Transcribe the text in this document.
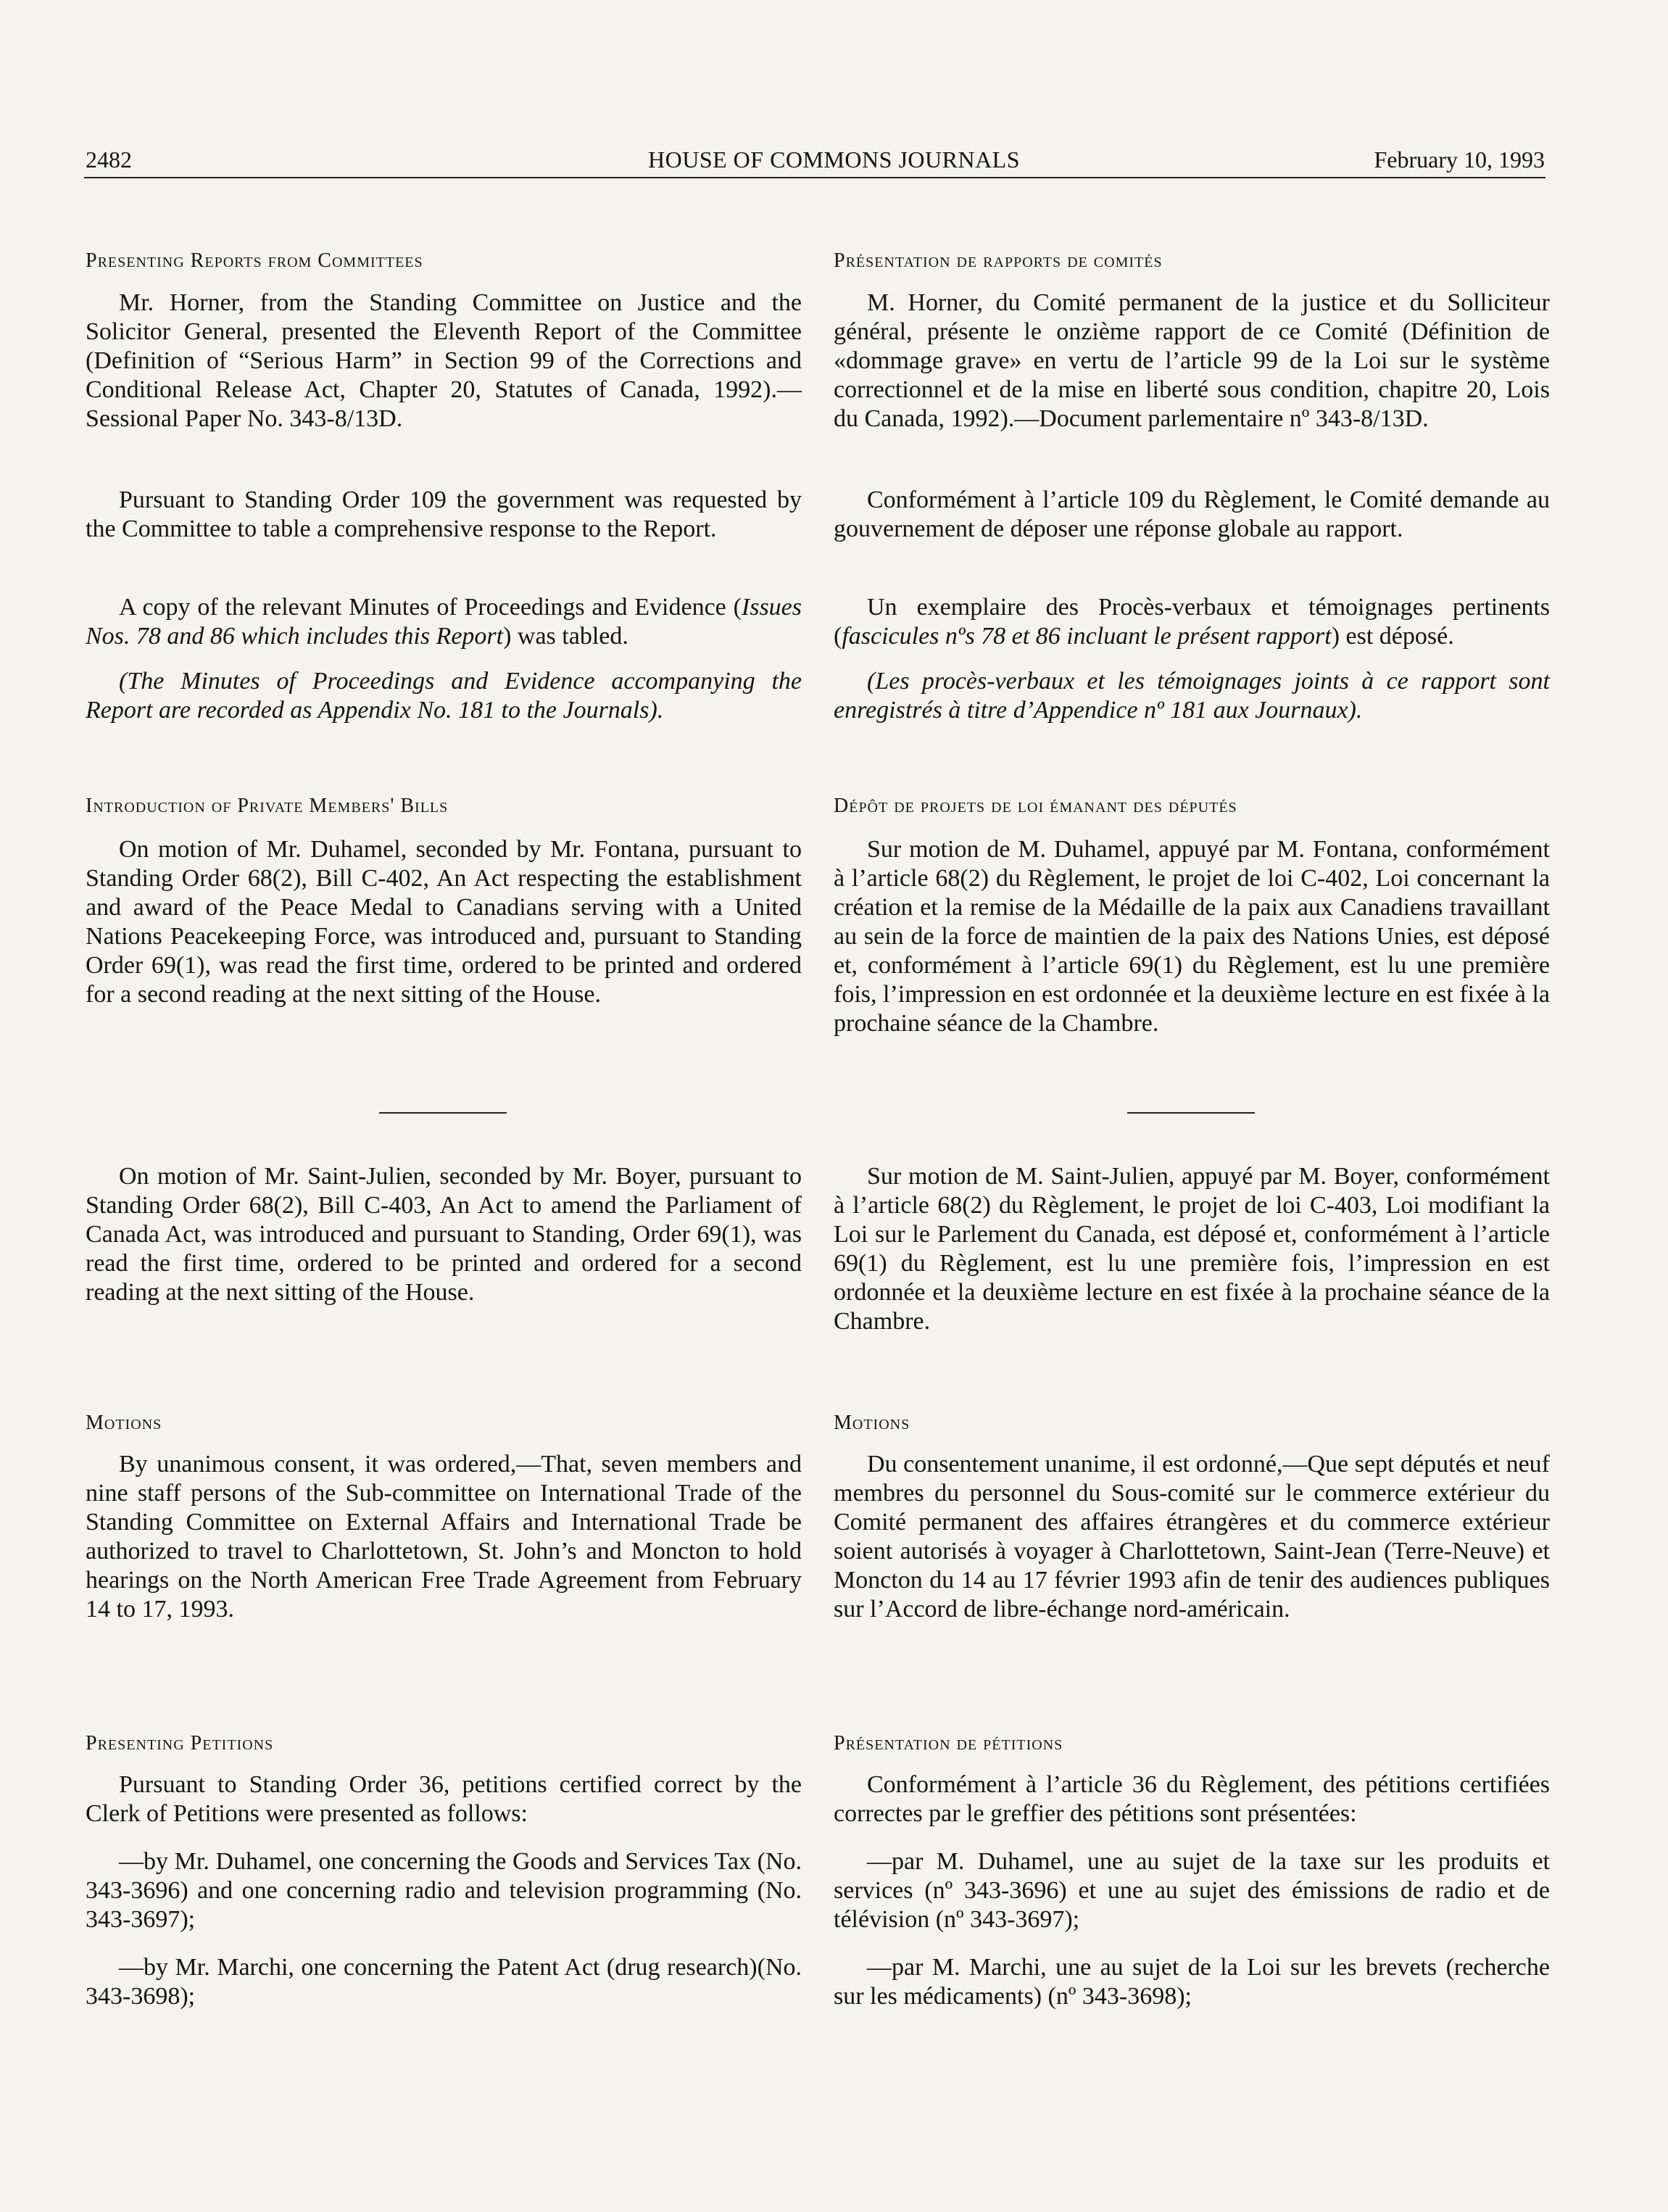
HOUSE OF COMMONS JOURNALS
2482	February 10, 1993
Presenting Reports from Committees
Mr. Horner, from the Standing Committee on Justice and the Solicitor General, presented the Eleventh Report of the Committee (Definition of “Serious Harm” in Section 99 of the Corrections and Conditional Release Act, Chapter 20, Statutes of Canada, 1992).—Sessional Paper No. 343-8/13D.
Pursuant to Standing Order 109 the government was requested by the Committee to table a comprehensive response to the Report.
A copy of the relevant Minutes of Proceedings and Evidence (Issues Nos. 78 and 86 which includes this Report) was tabled.
(The Minutes of Proceedings and Evidence accompanying the Report are recorded as Appendix No. 181 to the Journals).
Introduction of Private Members' Bills
On motion of Mr. Duhamel, seconded by Mr. Fontana, pursuant to Standing Order 68(2), Bill C-402, An Act respecting the establishment and award of the Peace Medal to Canadians serving with a United Nations Peacekeeping Force, was introduced and, pursuant to Standing Order 69(1), was read the first time, ordered to be printed and ordered for a second reading at the next sitting of the House.
On motion of Mr. Saint-Julien, seconded by Mr. Boyer, pursuant to Standing Order 68(2), Bill C-403, An Act to amend the Parliament of Canada Act, was introduced and pursuant to Standing, Order 69(1), was read the first time, ordered to be printed and ordered for a second reading at the next sitting of the House.
Motions
By unanimous consent, it was ordered,—That, seven members and nine staff persons of the Sub-committee on International Trade of the Standing Committee on External Affairs and International Trade be authorized to travel to Charlottetown, St. John’s and Moncton to hold hearings on the North American Free Trade Agreement from February 14 to 17, 1993.
Presenting Petitions
Pursuant to Standing Order 36, petitions certified correct by the Clerk of Petitions were presented as follows:
—by Mr. Duhamel, one concerning the Goods and Services Tax (No. 343-3696) and one concerning radio and television programming (No. 343-3697);
—by Mr. Marchi, one concerning the Patent Act (drug research)(No. 343-3698);
Présentation de rapports de comités
M. Horner, du Comité permanent de la justice et du Solliciteur général, présente le onzième rapport de ce Comité (Définition de «dommage grave» en vertu de l’article 99 de la Loi sur le système correctionnel et de la mise en liberté sous condition, chapitre 20, Lois du Canada, 1992).—Document parlementaire nº 343-8/13D.
Conformément à l’article 109 du Règlement, le Comité demande au gouvernement de déposer une réponse globale au rapport.
Un exemplaire des Procès-verbaux et témoignages pertinents (fascicules nºs 78 et 86 incluant le présent rapport) est déposé.
(Les procès-verbaux et les témoignages joints à ce rapport sont enregistrés à titre d’Appendice nº 181 aux Journaux).
Dépôt de projets de loi émanant des députés
Sur motion de M. Duhamel, appuyé par M. Fontana, conformément à l’article 68(2) du Règlement, le projet de loi C-402, Loi concernant la création et la remise de la Médaille de la paix aux Canadiens travaillant au sein de la force de maintien de la paix des Nations Unies, est déposé et, conformément à l’article 69(1) du Règlement, est lu une première fois, l’impression en est ordonnée et la deuxième lecture en est fixée à la prochaine séance de la Chambre.
Sur motion de M. Saint-Julien, appuyé par M. Boyer, conformément à l’article 68(2) du Règlement, le projet de loi C-403, Loi modifiant la Loi sur le Parlement du Canada, est déposé et, conformément à l’article 69(1) du Règlement, est lu une première fois, l’impression en est ordonnée et la deuxième lecture en est fixée à la prochaine séance de la Chambre.
Motions
Du consentement unanime, il est ordonné,—Que sept députés et neuf membres du personnel du Sous-comité sur le commerce extérieur du Comité permanent des affaires étrangères et du commerce extérieur soient autorisés à voyager à Charlottetown, Saint-Jean (Terre-Neuve) et Moncton du 14 au 17 février 1993 afin de tenir des audiences publiques sur l’Accord de libre-échange nord-américain.
Présentation de pétitions
Conformément à l’article 36 du Règlement, des pétitions certifiées correctes par le greffier des pétitions sont présentées:
—par M. Duhamel, une au sujet de la taxe sur les produits et services (nº 343-3696) et une au sujet des émissions de radio et de télévision (nº 343-3697);
—par M. Marchi, une au sujet de la Loi sur les brevets (recherche sur les médicaments) (nº 343-3698);
